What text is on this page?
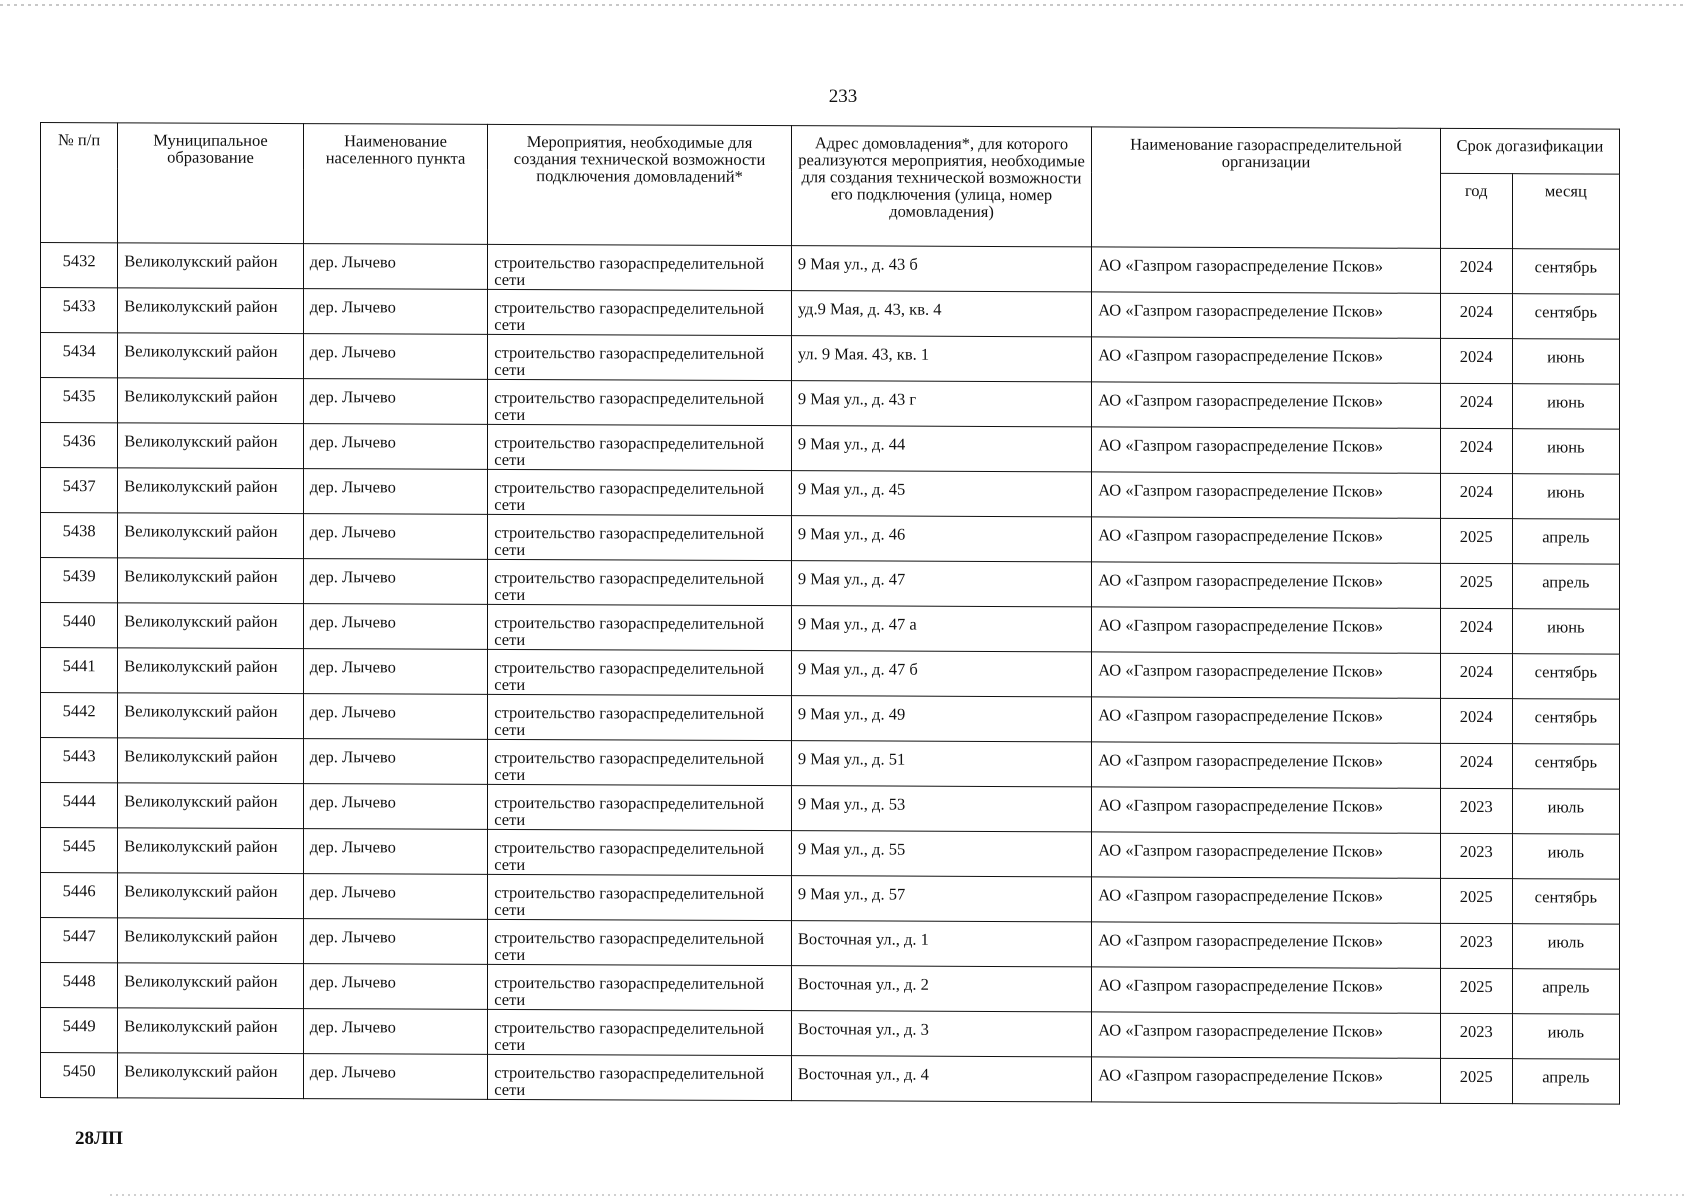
233
№ п/п	Муниципальное образование	Наименование населенного пункта	Мероприятия, необходимые для создания технической возможности подключения домовладений*	Адрес домовладения*, для которого реализуются мероприятия, необходимые для создания технической возможности его подключения (улица, номер домовладения)	Наименование газораспределительной организации	Срок догазификации	
						год	месяц
5432	Великолукский район	дер. Лычево	строительство газораспределительной сети	9 Мая ул., д. 43 б	АО «Газпром газораспределение Псков»	2024	сентябрь
5433	Великолукский район	дер. Лычево	строительство газораспределительной сети	уд.9 Мая, д. 43, кв. 4	АО «Газпром газораспределение Псков»	2024	сентябрь
5434	Великолукский район	дер. Лычево	строительство газораспределительной сети	ул. 9 Мая. 43, кв. 1	АО «Газпром газораспределение Псков»	2024	июнь
5435	Великолукский район	дер. Лычево	строительство газораспределительной сети	9 Мая ул., д. 43 г	АО «Газпром газораспределение Псков»	2024	июнь
5436	Великолукский район	дер. Лычево	строительство газораспределительной сети	9 Мая ул., д. 44	АО «Газпром газораспределение Псков»	2024	июнь
5437	Великолукский район	дер. Лычево	строительство газораспределительной сети	9 Мая ул., д. 45	АО «Газпром газораспределение Псков»	2024	июнь
5438	Великолукский район	дер. Лычево	строительство газораспределительной сети	9 Мая ул., д. 46	АО «Газпром газораспределение Псков»	2025	апрель
5439	Великолукский район	дер. Лычево	строительство газораспределительной сети	9 Мая ул., д. 47	АО «Газпром газораспределение Псков»	2025	апрель
5440	Великолукский район	дер. Лычево	строительство газораспределительной сети	9 Мая ул., д. 47 а	АО «Газпром газораспределение Псков»	2024	июнь
5441	Великолукский район	дер. Лычево	строительство газораспределительной сети	9 Мая ул., д. 47 б	АО «Газпром газораспределение Псков»	2024	сентябрь
5442	Великолукский район	дер. Лычево	строительство газораспределительной сети	9 Мая ул., д. 49	АО «Газпром газораспределение Псков»	2024	сентябрь
5443	Великолукский район	дер. Лычево	строительство газораспределительной сети	9 Мая ул., д. 51	АО «Газпром газораспределение Псков»	2024	сентябрь
5444	Великолукский район	дер. Лычево	строительство газораспределительной сети	9 Мая ул., д. 53	АО «Газпром газораспределение Псков»	2023	июль
5445	Великолукский район	дер. Лычево	строительство газораспределительной сети	9 Мая ул., д. 55	АО «Газпром газораспределение Псков»	2023	июль
5446	Великолукский район	дер. Лычево	строительство газораспределительной сети	9 Мая ул., д. 57	АО «Газпром газораспределение Псков»	2025	сентябрь
5447	Великолукский район	дер. Лычево	строительство газораспределительной сети	Восточная ул., д. 1	АО «Газпром газораспределение Псков»	2023	июль
5448	Великолукский район	дер. Лычево	строительство газораспределительной сети	Восточная ул., д. 2	АО «Газпром газораспределение Псков»	2025	апрель
5449	Великолукский район	дер. Лычево	строительство газораспределительной сети	Восточная ул., д. 3	АО «Газпром газораспределение Псков»	2023	июль
5450	Великолукский район	дер. Лычево	строительство газораспределительной сети	Восточная ул., д. 4	АО «Газпром газораспределение Псков»	2025	апрель
28ЛП
